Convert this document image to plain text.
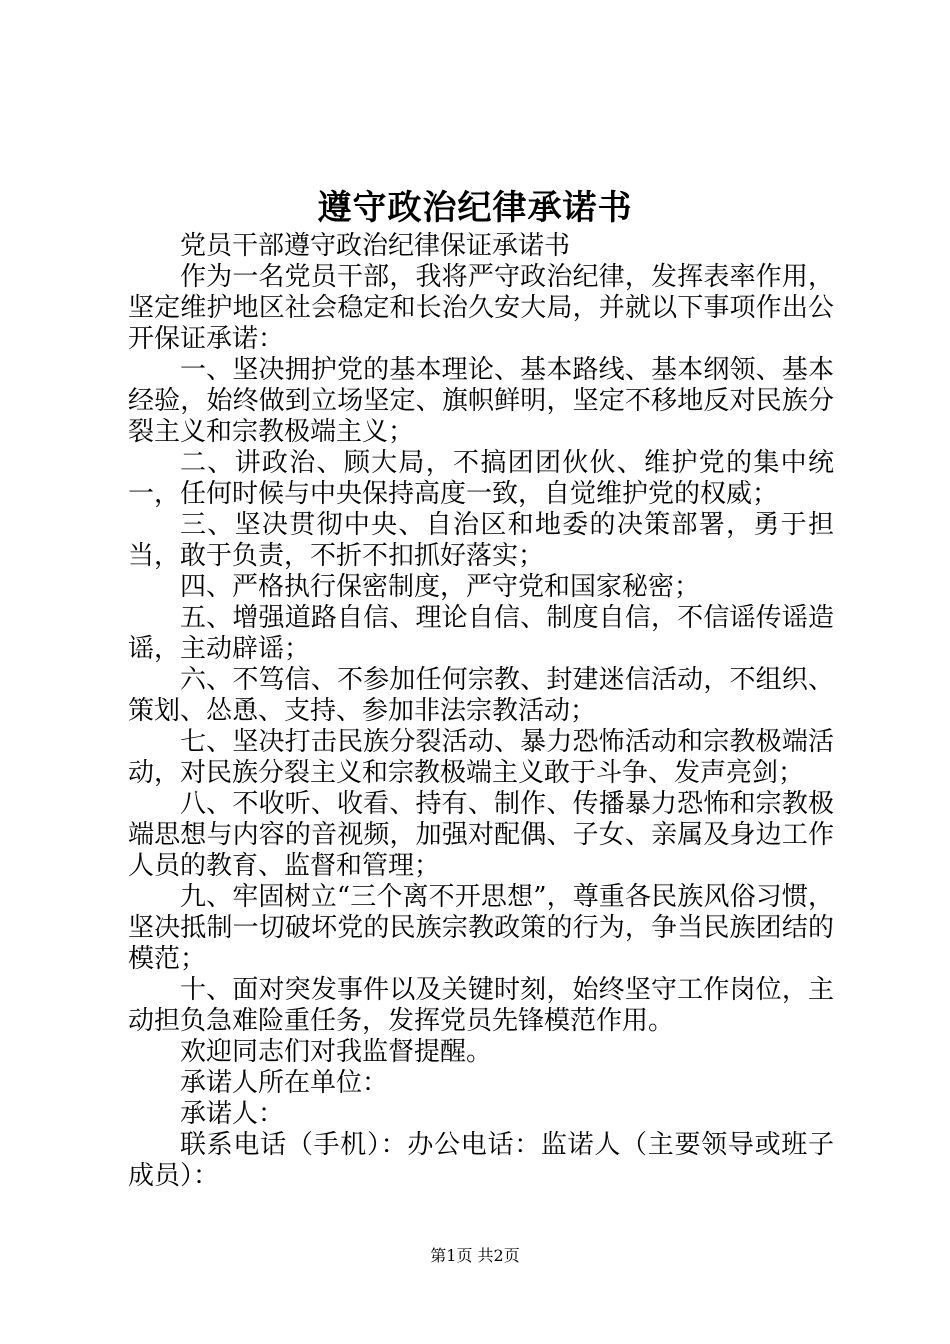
遵守政治纪律承诺书

党员干部遵守政治纪律保证承诺书

作为一名党员干部，我将严守政治纪律，发挥表率作用，坚定维护地区社会稳定和长治久安大局，并就以下事项作出公开保证承诺：

一、坚决拥护党的基本理论、基本路线、基本纲领、基本经验，始终做到立场坚定、旗帜鲜明，坚定不移地反对民族分裂主义和宗教极端主义；

二、讲政治、顾大局，不搞团团伙伙、维护党的集中统一，任何时候与中央保持高度一致，自觉维护党的权威；

三、坚决贯彻中央、自治区和地委的决策部署，勇于担当，敢于负责，不折不扣抓好落实；

四、严格执行保密制度，严守党和国家秘密；

五、增强道路自信、理论自信、制度自信，不信谣传谣造谣，主动辟谣；

六、不笃信、不参加任何宗教、封建迷信活动，不组织、策划、怂恿、支持、参加非法宗教活动；

七、坚决打击民族分裂活动、暴力恐怖活动和宗教极端活动，对民族分裂主义和宗教极端主义敢于斗争、发声亮剑；

八、不收听、收看、持有、制作、传播暴力恐怖和宗教极端思想与内容的音视频，加强对配偶、子女、亲属及身边工作人员的教育、监督和管理；

九、牢固树立“三个离不开思想”，尊重各民族风俗习惯，坚决抵制一切破坏党的民族宗教政策的行为，争当民族团结的模范；

十、面对突发事件以及关键时刻，始终坚守工作岗位，主动担负急难险重任务，发挥党员先锋模范作用。

欢迎同志们对我监督提醒。

承诺人所在单位：

承诺人：

联系电话（手机）：办公电话：监诺人（主要领导或班子成员）：

第1页 共2页
